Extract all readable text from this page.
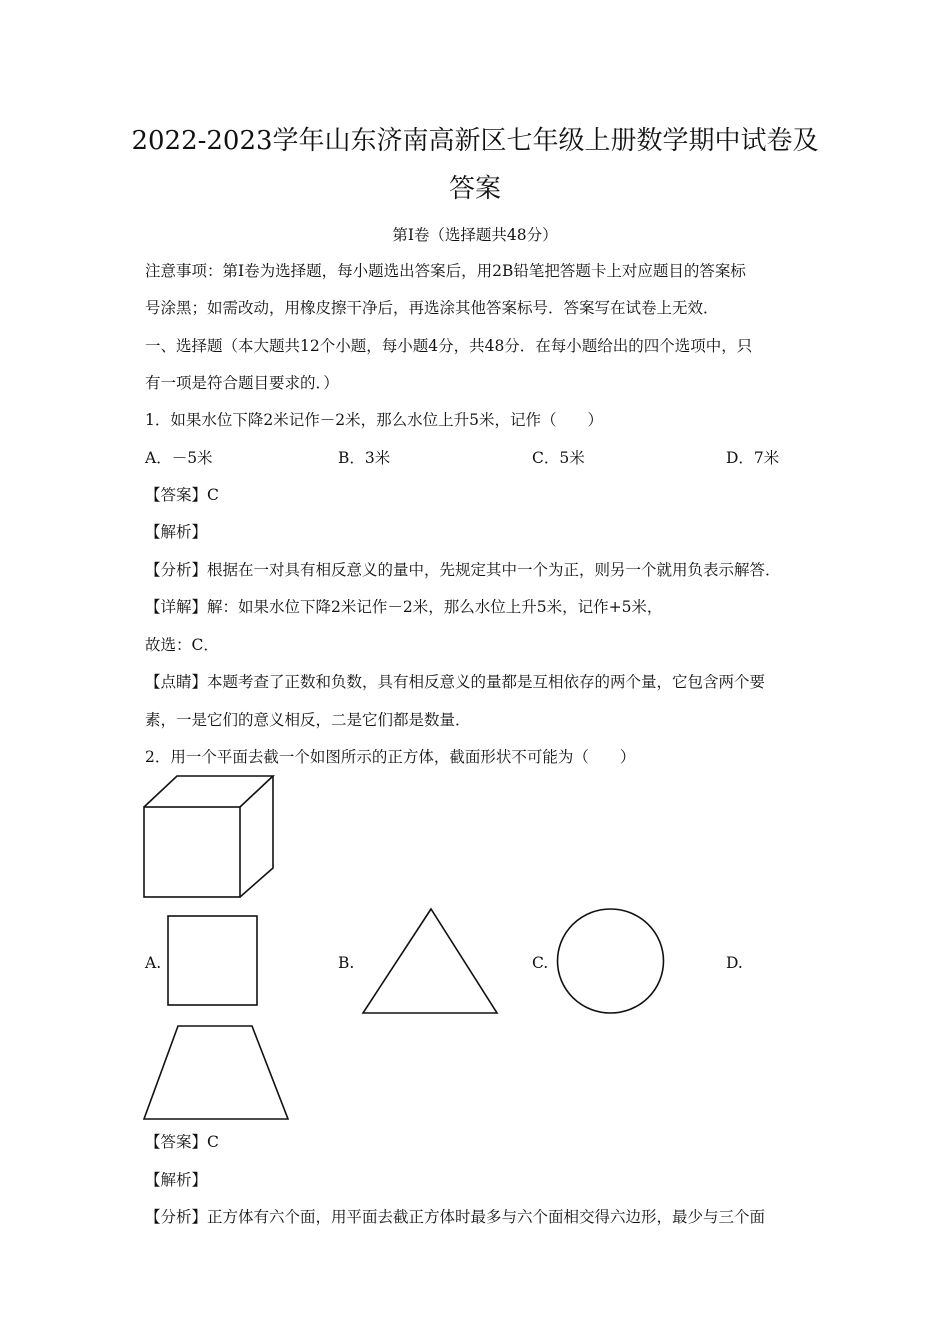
2022-2023学年山东济南高新区七年级上册数学期中试卷及
答案
第I卷（选择题共48分）
注意事项：第I卷为选择题，每小题选出答案后，用2B铅笔把答题卡上对应题目的答案标
号涂黑；如需改动，用橡皮擦干净后，再选涂其他答案标号．答案写在试卷上无效．
一、选择题（本大题共12个小题，每小题4分，共48分．在每小题给出的四个选项中，只
有一项是符合题目要求的．）
1．如果水位下降2米记作－2米，那么水位上升5米，记作（　　）
A．－5米	B．3米	C．5米	D．7米
【答案】C
【解析】
【分析】根据在一对具有相反意义的量中，先规定其中一个为正，则另一个就用负表示解答．
【详解】解：如果水位下降2米记作－2米，那么水位上升5米，记作+5米，
故选：C．
【点睛】本题考查了正数和负数，具有相反意义的量都是互相依存的两个量，它包含两个要
素，一是它们的意义相反，二是它们都是数量．
2．用一个平面去截一个如图所示的正方体，截面形状不可能为（　　）
A.	B.	C.	D.
【答案】C
【解析】
【分析】正方体有六个面，用平面去截正方体时最多与六个面相交得六边形，最少与三个面
